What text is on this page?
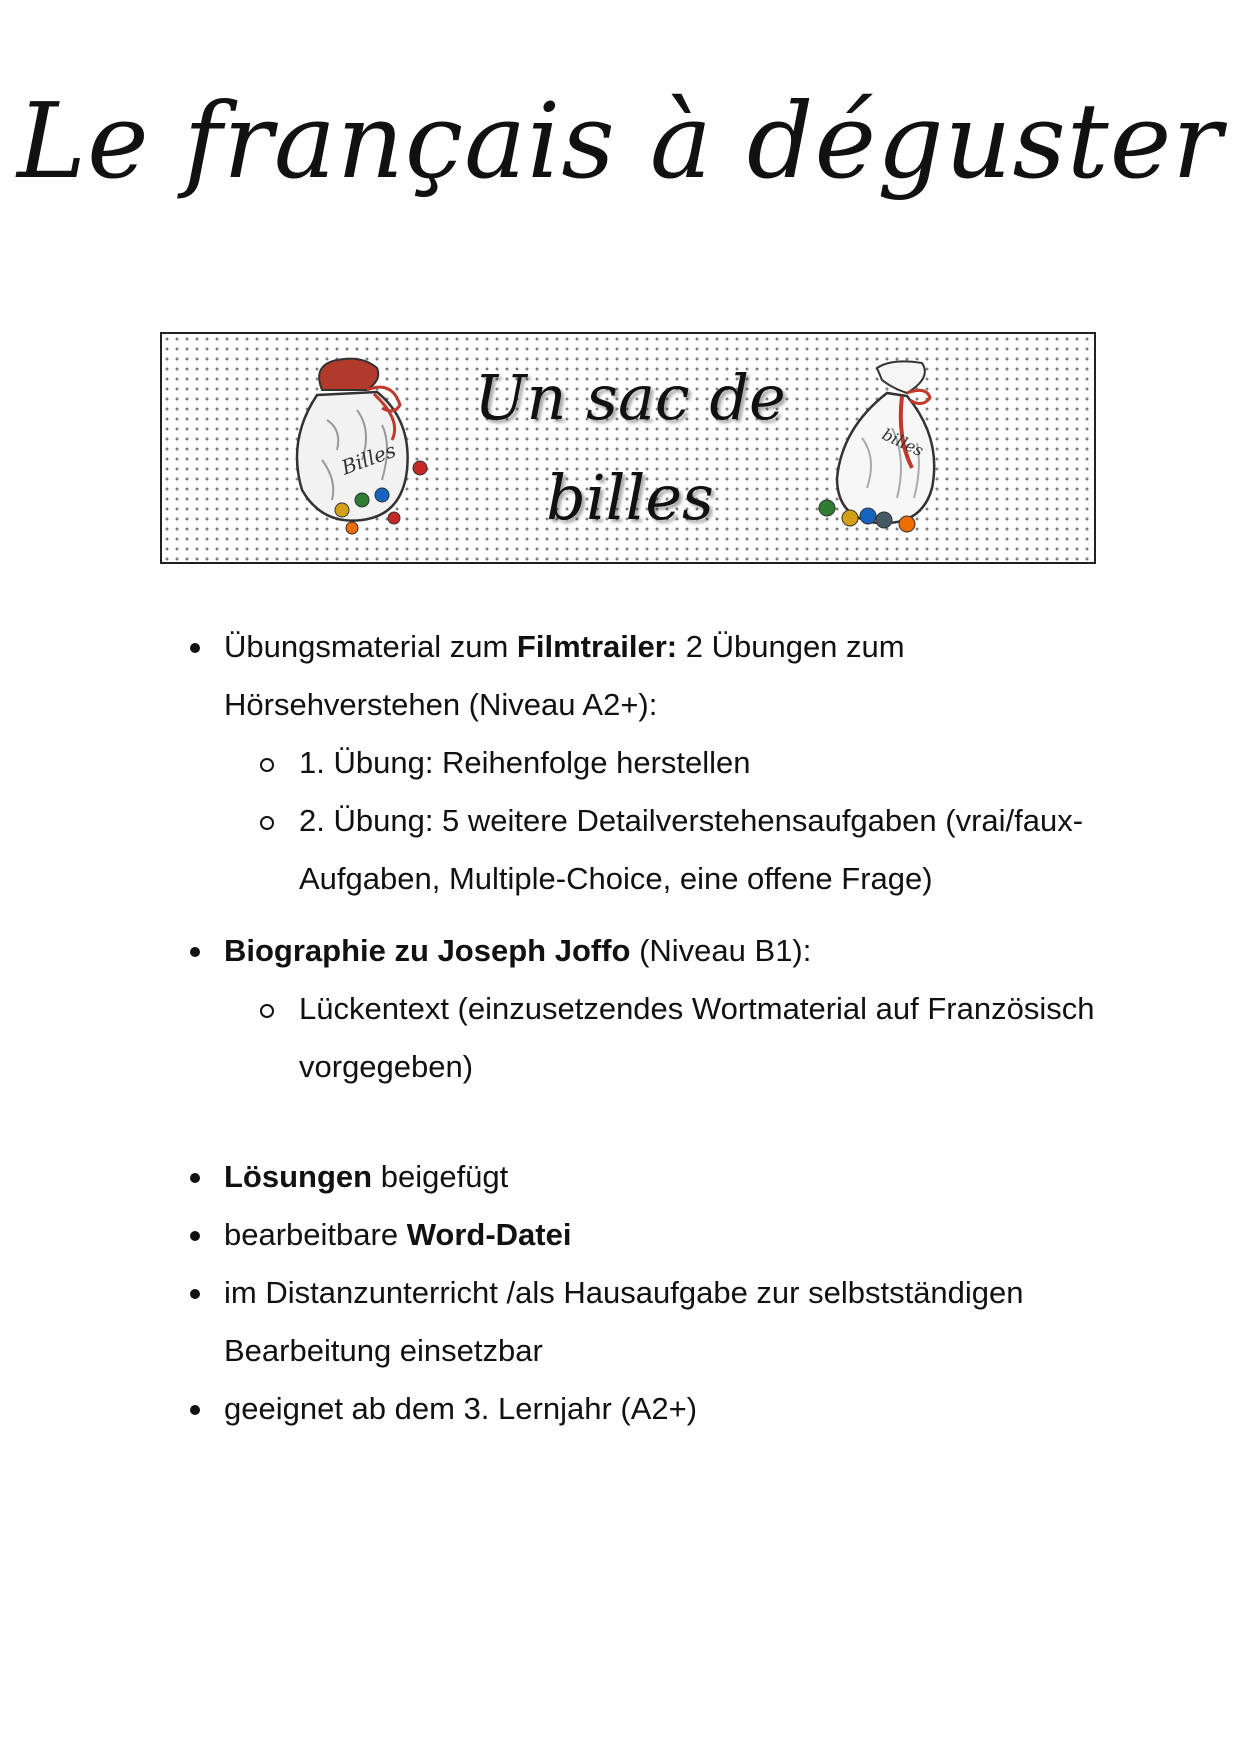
Le français à déguster
Billes
Un sac de
billes
billes
Übungsmaterial zum Filmtrailer: 2 Übungen zum Hörsehverstehen (Niveau A2+):
1. Übung: Reihenfolge herstellen
2. Übung: 5 weitere Detailverstehensaufgaben (vrai/faux-Aufgaben, Multiple-Choice, eine offene Frage)
Biographie zu Joseph Joffo (Niveau B1):
Lückentext (einzusetzendes Wortmaterial auf Französisch vorgegeben)
Lösungen beigefügt
bearbeitbare Word-Datei
im Distanzunterricht /als Hausaufgabe zur selbstständigen Bearbeitung einsetzbar
geeignet ab dem 3. Lernjahr (A2+)
